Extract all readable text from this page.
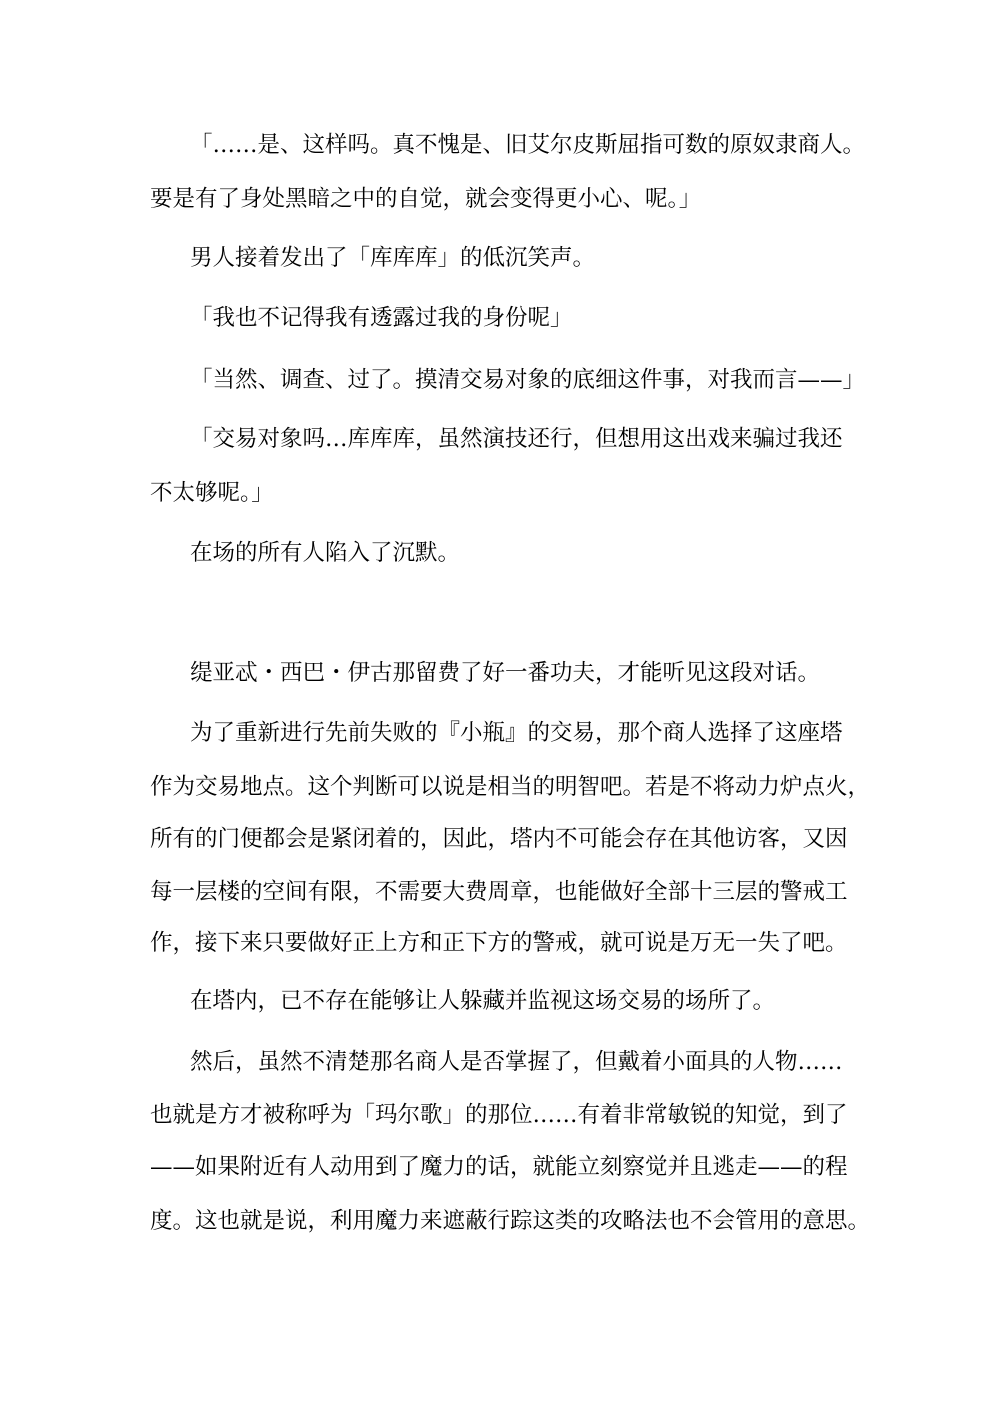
「……是、这样吗。真不愧是、旧艾尔皮斯屈指可数的原奴隶商人。

要是有了身处黑暗之中的自觉，就会变得更小心、呢。」

男人接着发出了「库库库」的低沉笑声。

「我也不记得我有透露过我的身份呢」

「当然、调查、过了。摸清交易对象的底细这件事，对我而言——」

「交易对象吗…库库库，虽然演技还行，但想用这出戏来骗过我还

不太够呢。」

在场的所有人陷入了沉默。

缇亚忒・西巴・伊古那留费了好一番功夫，才能听见这段对话。

为了重新进行先前失败的『小瓶』的交易，那个商人选择了这座塔

作为交易地点。这个判断可以说是相当的明智吧。若是不将动力炉点火，

所有的门便都会是紧闭着的，因此，塔内不可能会存在其他访客，又因

每一层楼的空间有限，不需要大费周章，也能做好全部十三层的警戒工

作，接下来只要做好正上方和正下方的警戒，就可说是万无一失了吧。

在塔内，已不存在能够让人躲藏并监视这场交易的场所了。

然后，虽然不清楚那名商人是否掌握了，但戴着小面具的人物……

也就是方才被称呼为「玛尔歌」的那位……有着非常敏锐的知觉，到了

——如果附近有人动用到了魔力的话，就能立刻察觉并且逃走——的程

度。这也就是说，利用魔力来遮蔽行踪这类的攻略法也不会管用的意思。
